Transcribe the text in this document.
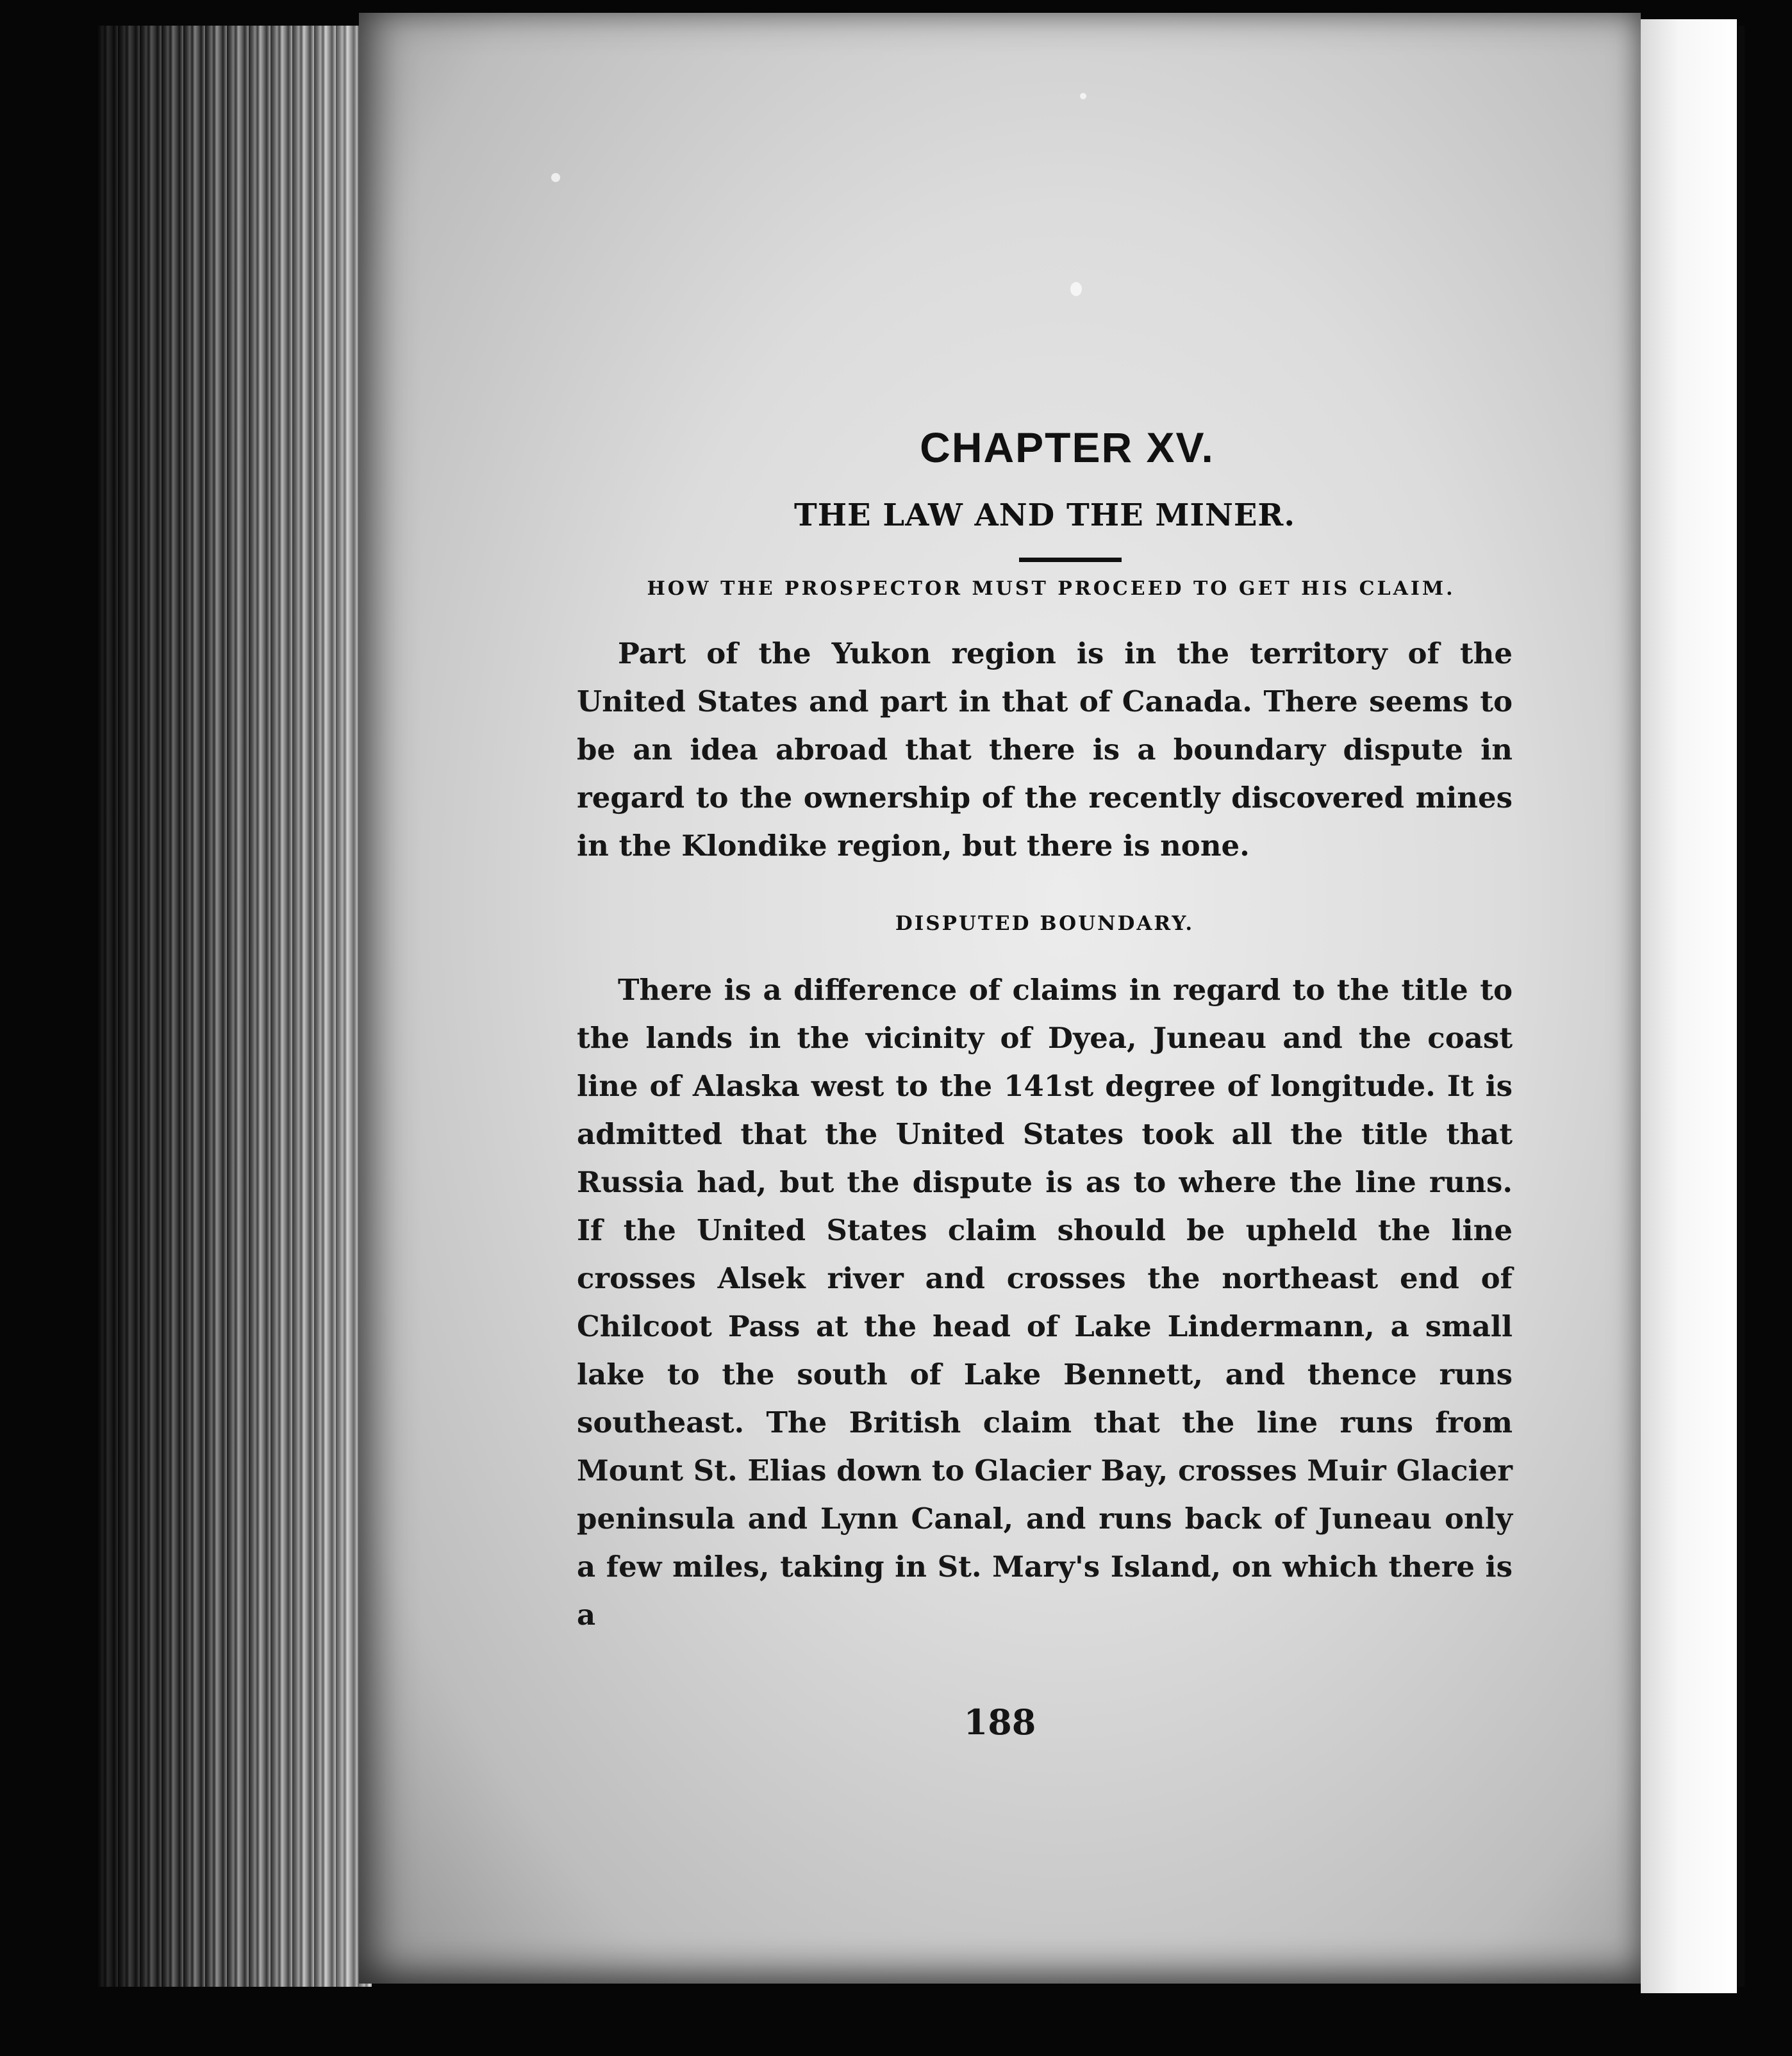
CHAPTER XV.
THE LAW AND THE MINER.
HOW THE PROSPECTOR MUST PROCEED TO GET HIS CLAIM.

Part of the Yukon region is in the territory of the United States and part in that of Canada. There seems to be an idea abroad that there is a boundary dispute in regard to the ownership of the recently discovered mines in the Klondike region, but there is none.

DISPUTED BOUNDARY.

There is a difference of claims in regard to the title to the lands in the vicinity of Dyea, Juneau and the coast line of Alaska west to the 141st degree of longitude. It is admitted that the United States took all the title that Russia had, but the dispute is as to where the line runs. If the United States claim should be upheld the line crosses Alsek river and crosses the northeast end of Chilcoot Pass at the head of Lake Lindermann, a small lake to the south of Lake Bennett, and thence runs southeast. The British claim that the line runs from Mount St. Elias down to Glacier Bay, crosses Muir Glacier peninsula and Lynn Canal, and runs back of Juneau only a few miles, taking in St. Mary's Island, on which there is a

188
